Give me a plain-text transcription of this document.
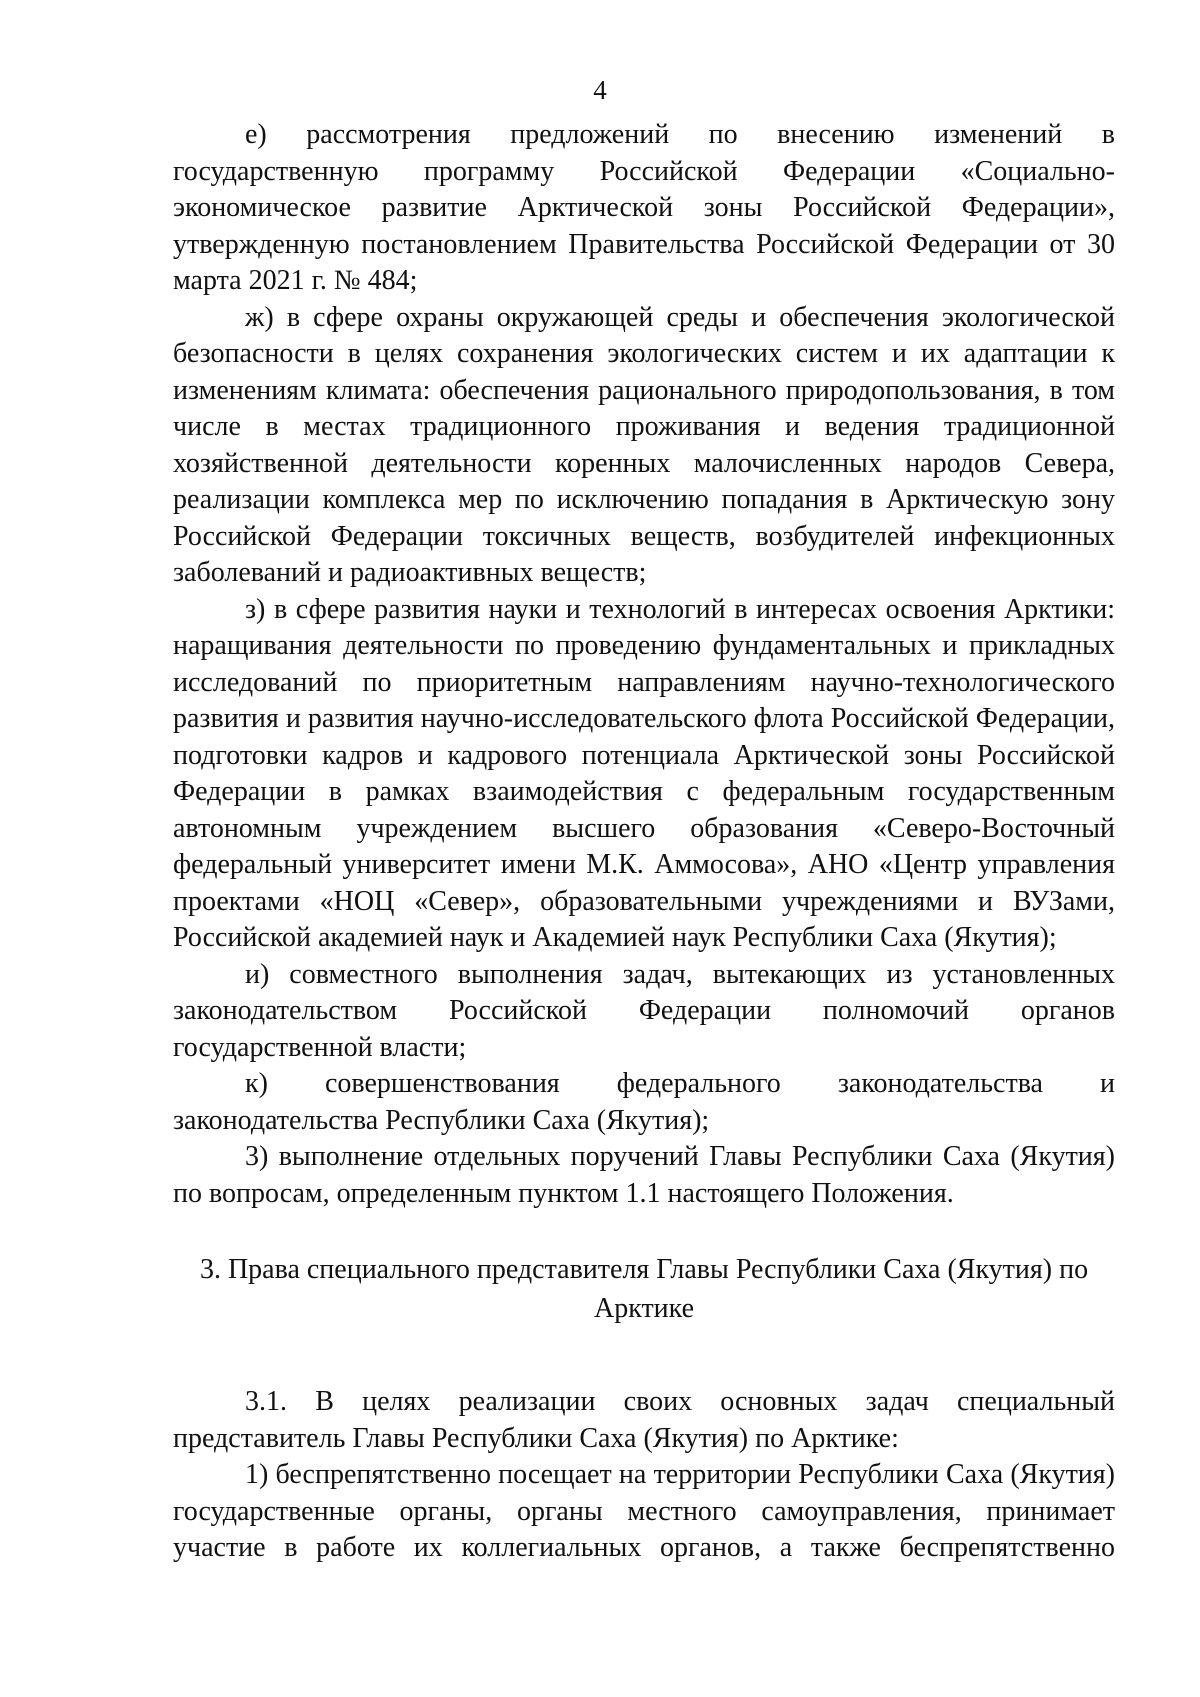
4

е) рассмотрения предложений по внесению изменений в государственную программу Российской Федерации «Социально-экономическое развитие Арктической зоны Российской Федерации», утвержденную постановлением Правительства Российской Федерации от 30 марта 2021 г. № 484;

ж) в сфере охраны окружающей среды и обеспечения экологической безопасности в целях сохранения экологических систем и их адаптации к изменениям климата: обеспечения рационального природопользования, в том числе в местах традиционного проживания и ведения традиционной хозяйственной деятельности коренных малочисленных народов Севера, реализации комплекса мер по исключению попадания в Арктическую зону Российской Федерации токсичных веществ, возбудителей инфекционных заболеваний и радиоактивных веществ;

з) в сфере развития науки и технологий в интересах освоения Арктики: наращивания деятельности по проведению фундаментальных и прикладных исследований по приоритетным направлениям научно-технологического развития и развития научно-исследовательского флота Российской Федерации, подготовки кадров и кадрового потенциала Арктической зоны Российской Федерации в рамках взаимодействия с федеральным государственным автономным учреждением высшего образования «Северо-Восточный федеральный университет имени М.К. Аммосова», АНО «Центр управления проектами «НОЦ «Север», образовательными учреждениями и ВУЗами, Российской академией наук и Академией наук Республики Саха (Якутия);

и) совместного выполнения задач, вытекающих из установленных законодательством Российской Федерации полномочий органов государственной власти;

к) совершенствования федерального законодательства и законодательства Республики Саха (Якутия);

3) выполнение отдельных поручений Главы Республики Саха (Якутия) по вопросам, определенным пунктом 1.1 настоящего Положения.

3. Права специального представителя Главы Республики Саха (Якутия) по Арктике

3.1. В целях реализации своих основных задач специальный представитель Главы Республики Саха (Якутия) по Арктике:

1) беспрепятственно посещает на территории Республики Саха (Якутия) государственные органы, органы местного самоуправления, принимает участие в работе их коллегиальных органов, а также беспрепятственно
